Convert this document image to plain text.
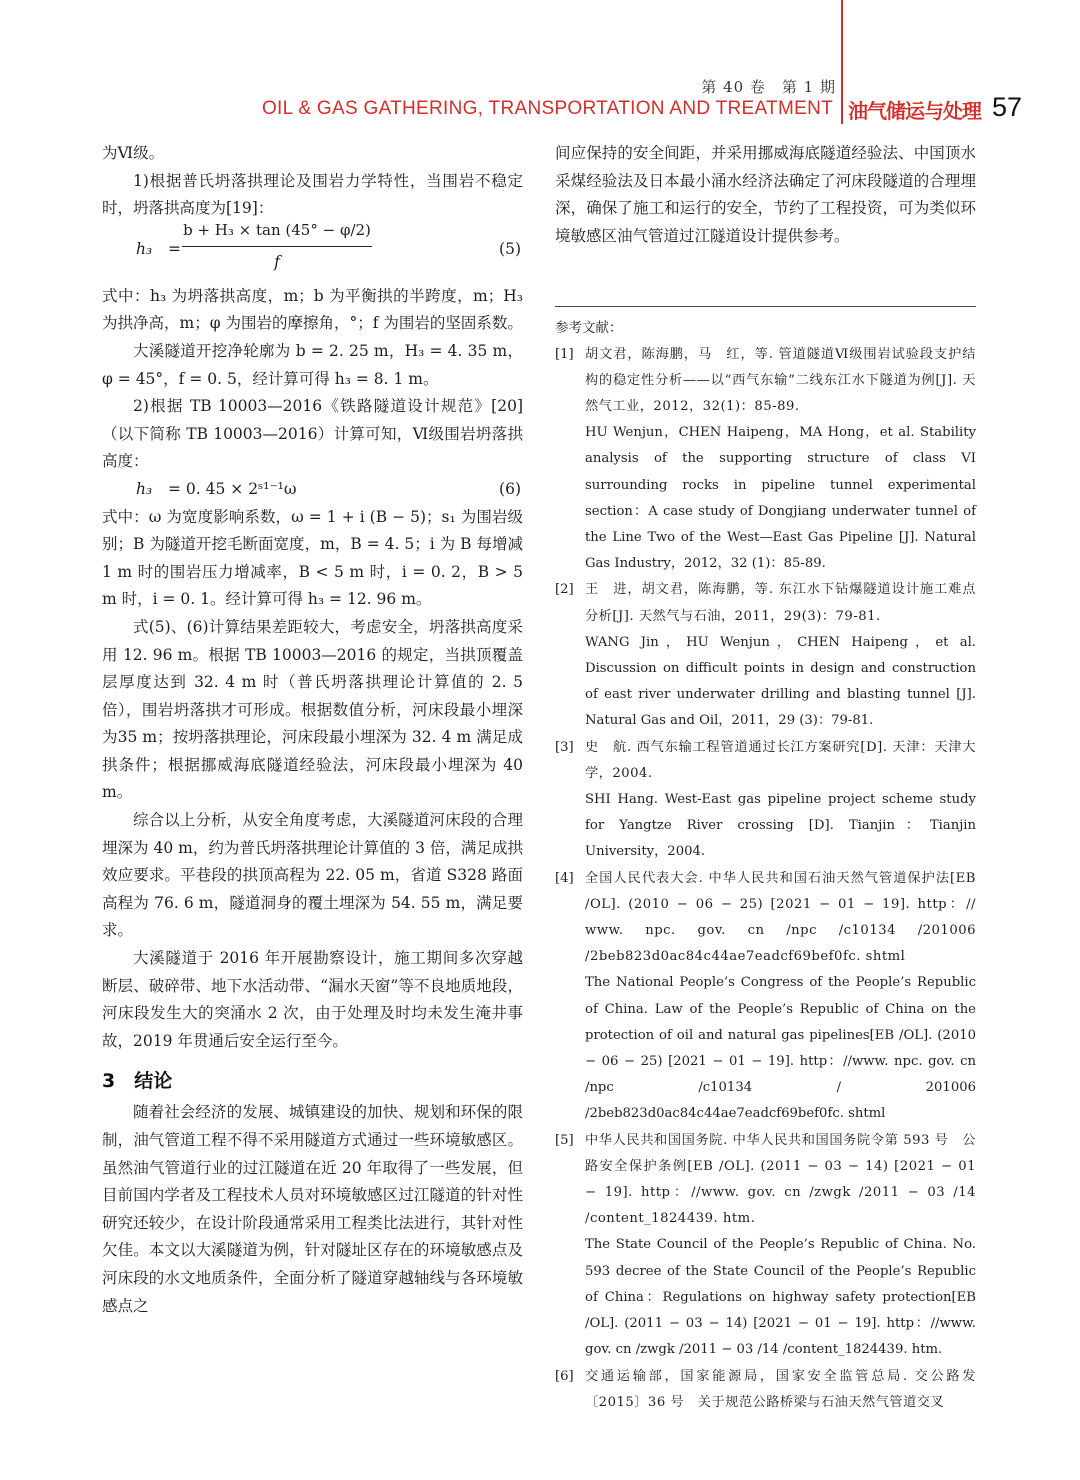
第 40 卷　第 1 期
OIL & GAS GATHERING, TRANSPORTATION AND TREATMENT 油气储运与处理 57

为Ⅵ级。

1)根据普氏坍落拱理论及围岩力学特性，当围岩不稳定时，坍落拱高度为[19]：

h₃ =
b + H₃ × tan (45° − φ/2)
f
(5)

式中：h₃ 为坍落拱高度，m；b 为平衡拱的半跨度，m；H₃ 为拱净高，m；φ 为围岩的摩擦角，°；f 为围岩的坚固系数。

大溪隧道开挖净轮廓为 b = 2. 25 m，H₃ = 4. 35 m，φ = 45°，f = 0. 5，经计算可得 h₃ = 8. 1 m。

2)根据 TB 10003—2016《铁路隧道设计规范》[20]（以下简称 TB 10003—2016）计算可知，Ⅵ级围岩坍落拱高度：

h₃ = 0. 45 × 2ˢ¹⁻¹ω	(6)

式中：ω 为宽度影响系数，ω = 1 + i (B − 5)；s₁ 为围岩级别；B 为隧道开挖毛断面宽度，m，B = 4. 5；i 为 B 每增减 1 m 时的围岩压力增减率，B < 5 m 时，i = 0. 2，B > 5 m 时，i = 0. 1。经计算可得 h₃ = 12. 96 m。

式(5)、(6)计算结果差距较大，考虑安全，坍落拱高度采用 12. 96 m。根据 TB 10003—2016 的规定，当拱顶覆盖层厚度达到 32. 4 m 时（普氏坍落拱理论计算值的 2. 5 倍），围岩坍落拱才可形成。根据数值分析，河床段最小埋深为35 m；按坍落拱理论，河床段最小埋深为 32. 4 m 满足成拱条件；根据挪威海底隧道经验法，河床段最小埋深为 40 m。

综合以上分析，从安全角度考虑，大溪隧道河床段的合理埋深为 40 m，约为普氏坍落拱理论计算值的 3 倍，满足成拱效应要求。平巷段的拱顶高程为 22. 05 m，省道 S328 路面高程为 76. 6 m，隧道洞身的覆土埋深为 54. 55 m，满足要求。

大溪隧道于 2016 年开展勘察设计，施工期间多次穿越断层、破碎带、地下水活动带、“漏水天窗”等不良地质地段，河床段发生大的突涌水 2 次，由于处理及时均未发生淹井事故，2019 年贯通后安全运行至今。

3　结论

随着社会经济的发展、城镇建设的加快、规划和环保的限制，油气管道工程不得不采用隧道方式通过一些环境敏感区。虽然油气管道行业的过江隧道在近 20 年取得了一些发展，但目前国内学者及工程技术人员对环境敏感区过江隧道的针对性研究还较少，在设计阶段通常采用工程类比法进行，其针对性欠佳。本文以大溪隧道为例，针对隧址区存在的环境敏感点及河床段的水文地质条件，全面分析了隧道穿越轴线与各环境敏感点之

间应保持的安全间距，并采用挪威海底隧道经验法、中国顶水采煤经验法及日本最小涌水经济法确定了河床段隧道的合理埋深，确保了施工和运行的安全，节约了工程投资，可为类似环境敏感区油气管道过江隧道设计提供参考。

参考文献：

[1] 胡文君，陈海鹏，马　红，等. 管道隧道Ⅵ级围岩试验段支护结构的稳定性分析——以“西气东输”二线东江水下隧道为例[J]. 天然气工业，2012，32(1)：85-89.
HU Wenjun，CHEN Haipeng，MA Hong，et al. Stability analysis of the supporting structure of class VI surrounding rocks in pipeline tunnel experimental section：A case study of Dongjiang underwater tunnel of the Line Two of the West—East Gas Pipeline [J]. Natural Gas Industry，2012，32 (1)：85-89.
[2] 王　进，胡文君，陈海鹏，等. 东江水下钻爆隧道设计施工难点分析[J]. 天然气与石油，2011，29(3)：79-81.
WANG Jin，HU Wenjun，CHEN Haipeng，et al. Discussion on difficult points in design and construction of east river underwater drilling and blasting tunnel [J]. Natural Gas and Oil，2011，29 (3)：79-81.
[3] 史　航. 西气东输工程管道通过长江方案研究[D]. 天津：天津大学，2004.
SHI Hang. West-East gas pipeline project scheme study for Yangtze River crossing [D]. Tianjin：Tianjin University，2004.
[4] 全国人民代表大会. 中华人民共和国石油天然气管道保护法[EB /OL]. (2010 − 06 − 25) [2021 − 01 − 19]. http：// www. npc. gov. cn /npc /c10134 /201006 /2beb823d0ac84c44ae7eadcf69bef0fc. shtml
The National People’s Congress of the People’s Republic of China. Law of the People’s Republic of China on the protection of oil and natural gas pipelines[EB /OL]. (2010 − 06 − 25) [2021 − 01 − 19]. http：//www. npc. gov. cn /npc /c10134 / 201006 /2beb823d0ac84c44ae7eadcf69bef0fc. shtml
[5] 中华人民共和国国务院. 中华人民共和国国务院令第 593 号　公路安全保护条例[EB /OL]. (2011 − 03 − 14) [2021 − 01 − 19]. http：//www. gov. cn /zwgk /2011 − 03 /14 /content_1824439. htm.
The State Council of the People’s Republic of China. No. 593 decree of the State Council of the People’s Republic of China：Regulations on highway safety protection[EB /OL]. (2011 − 03 − 14) [2021 − 01 − 19]. http：//www. gov. cn /zwgk /2011 − 03 /14 /content_1824439. htm.
[6] 交通运输部，国家能源局，国家安全监管总局. 交公路发〔2015〕36 号　关于规范公路桥梁与石油天然气管道交叉
